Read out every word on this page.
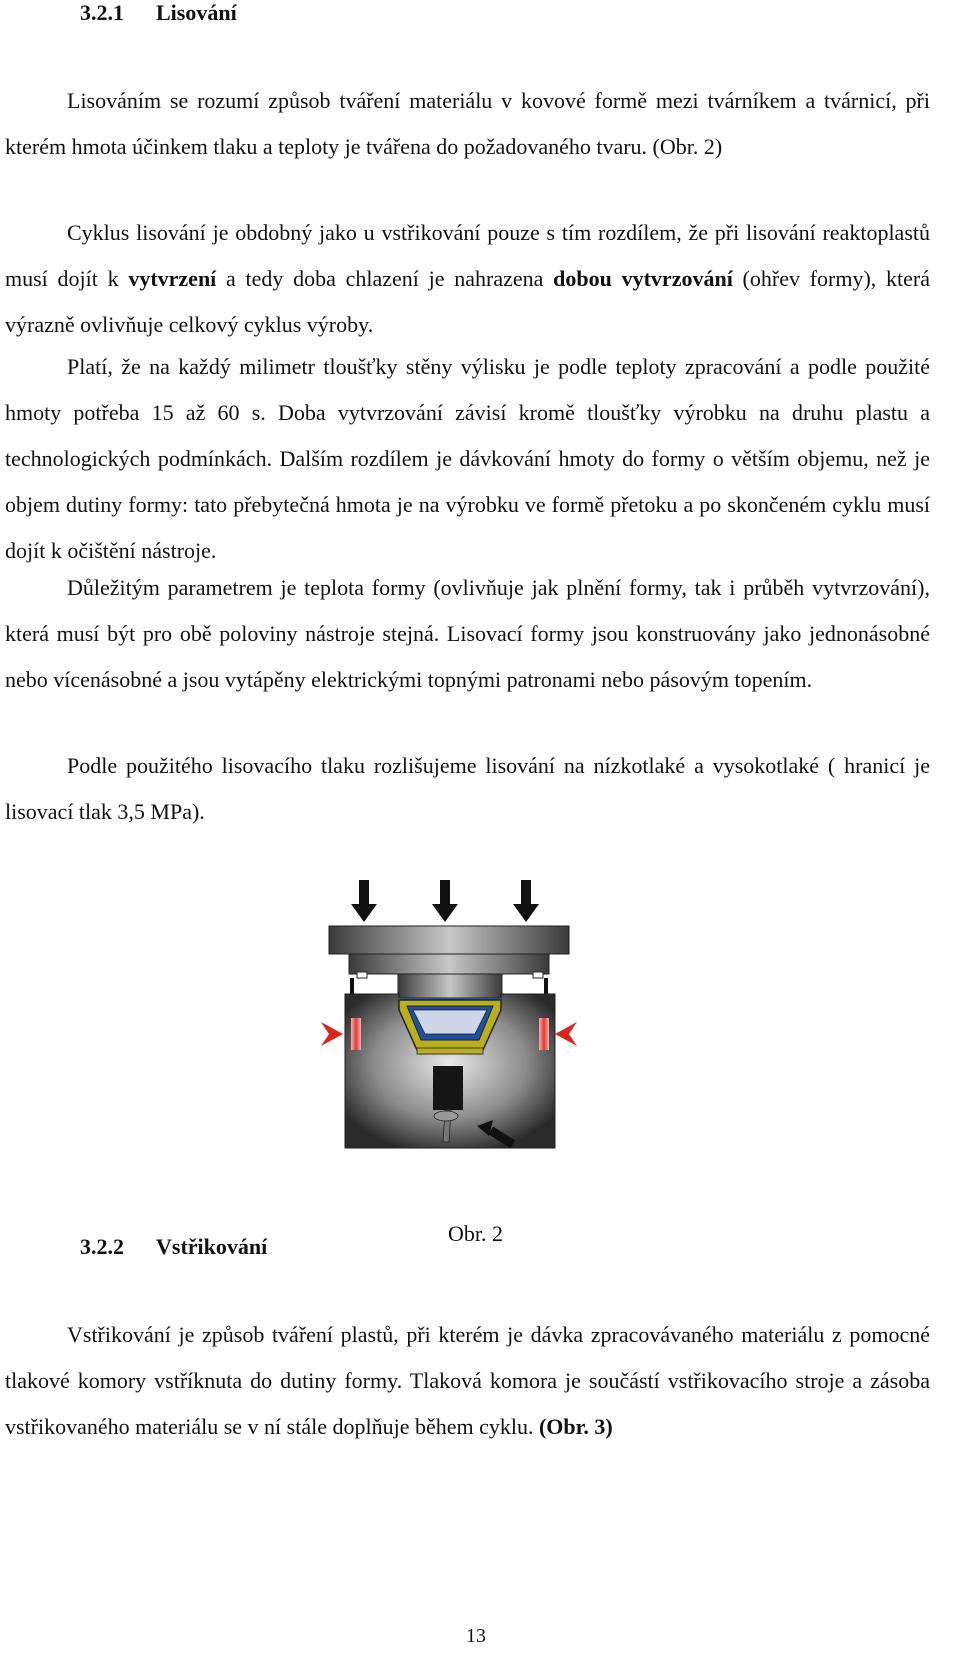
3.2.1 Lisování

Lisováním se rozumí způsob tváření materiálu v kovové formě mezi tvárníkem a tvárnicí, při kterém hmota účinkem tlaku a teploty je tvářena do požadovaného tvaru. (Obr. 2)

Cyklus lisování je obdobný jako u vstřikování pouze s tím rozdílem, že při lisování reaktoplastů musí dojít k vytvrzení a tedy doba chlazení je nahrazena dobou vytvrzování (ohřev formy), která výrazně ovlivňuje celkový cyklus výroby.

Platí, že na každý milimetr tloušťky stěny výlisku je podle teploty zpracování a podle použité hmoty potřeba 15 až 60 s. Doba vytvrzování závisí kromě tloušťky výrobku na druhu plastu a technologických podmínkách. Dalším rozdílem je dávkování hmoty do formy o větším objemu, než je objem dutiny formy: tato přebytečná hmota je na výrobku ve formě přetoku a po skončeném cyklu musí dojít k očištění nástroje.

Důležitým parametrem je teplota formy (ovlivňuje jak plnění formy, tak i průběh vytvrzování), která musí být pro obě poloviny nástroje stejná. Lisovací formy jsou konstruovány jako jednonásobné nebo vícenásobné a jsou vytápěny elektrickými topnými patronami nebo pásovým topením.

Podle použitého lisovacího tlaku rozlišujeme lisování na nízkotlaké a vysokotlaké ( hranicí je lisovací tlak 3,5 MPa).

Obr. 2
3.2.2 Vstřikování

Vstřikování je způsob tváření plastů, při kterém je dávka zpracovávaného materiálu z pomocné tlakové komory vstříknuta do dutiny formy. Tlaková komora je součástí vstřikovacího stroje a zásoba vstřikovaného materiálu se v ní stále doplňuje během cyklu. (Obr. 3)

13
